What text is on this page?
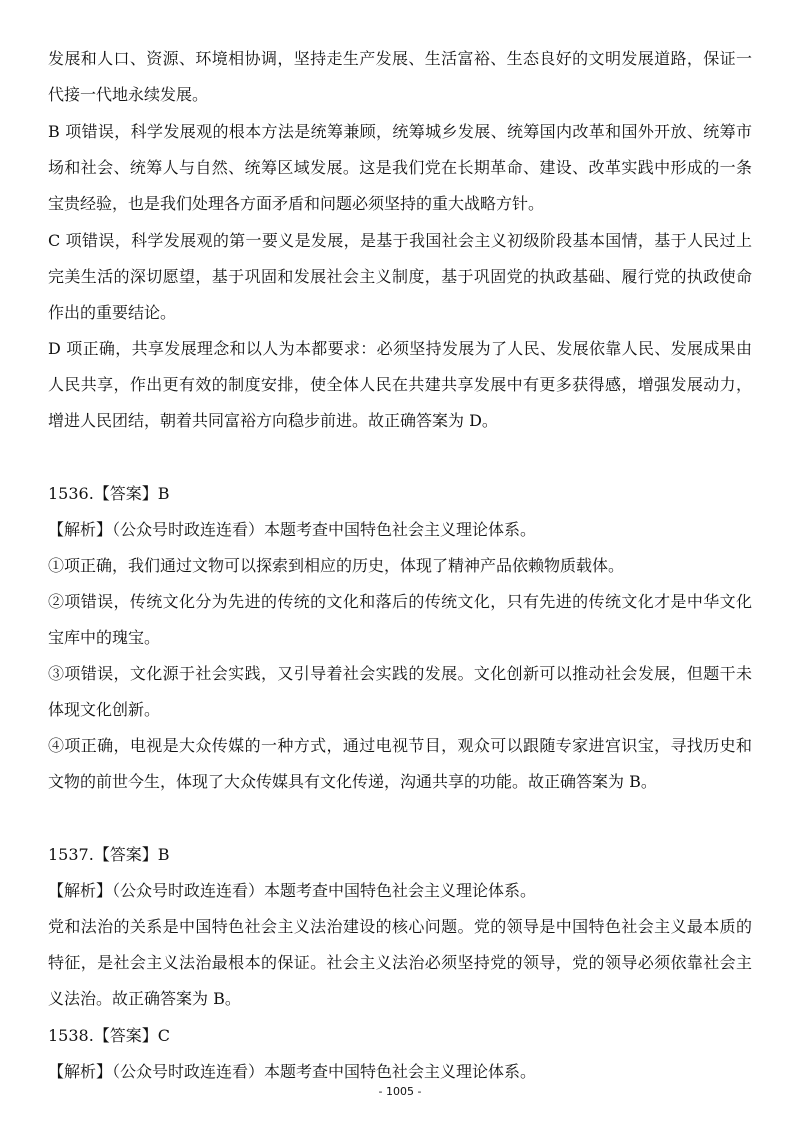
发展和人口、资源、环境相协调，坚持走生产发展、生活富裕、生态良好的文明发展道路，保证一
代接一代地永续发展。
B 项错误，科学发展观的根本方法是统筹兼顾，统筹城乡发展、统筹国内改革和国外开放、统筹市
场和社会、统筹人与自然、统筹区域发展。这是我们党在长期革命、建设、改革实践中形成的一条
宝贵经验，也是我们处理各方面矛盾和问题必须坚持的重大战略方针。
C 项错误，科学发展观的第一要义是发展，是基于我国社会主义初级阶段基本国情，基于人民过上
完美生活的深切愿望，基于巩固和发展社会主义制度，基于巩固党的执政基础、履行党的执政使命
作出的重要结论。
D 项正确，共享发展理念和以人为本都要求：必须坚持发展为了人民、发展依靠人民、发展成果由
人民共享，作出更有效的制度安排，使全体人民在共建共享发展中有更多获得感，增强发展动力，
增进人民团结，朝着共同富裕方向稳步前进。故正确答案为 D。
1536.【答案】B
【解析】（公众号时政连连看）本题考查中国特色社会主义理论体系。
①项正确，我们通过文物可以探索到相应的历史，体现了精神产品依赖物质载体。
②项错误，传统文化分为先进的传统的文化和落后的传统文化，只有先进的传统文化才是中华文化
宝库中的瑰宝。
③项错误，文化源于社会实践，又引导着社会实践的发展。文化创新可以推动社会发展，但题干未
体现文化创新。
④项正确，电视是大众传媒的一种方式，通过电视节目，观众可以跟随专家进宫识宝，寻找历史和
文物的前世今生，体现了大众传媒具有文化传递，沟通共享的功能。故正确答案为 B。
1537.【答案】B
【解析】（公众号时政连连看）本题考查中国特色社会主义理论体系。
党和法治的关系是中国特色社会主义法治建设的核心问题。党的领导是中国特色社会主义最本质的
特征，是社会主义法治最根本的保证。社会主义法治必须坚持党的领导，党的领导必须依靠社会主
义法治。故正确答案为 B。
1538.【答案】C
【解析】（公众号时政连连看）本题考查中国特色社会主义理论体系。
- 1005 -
